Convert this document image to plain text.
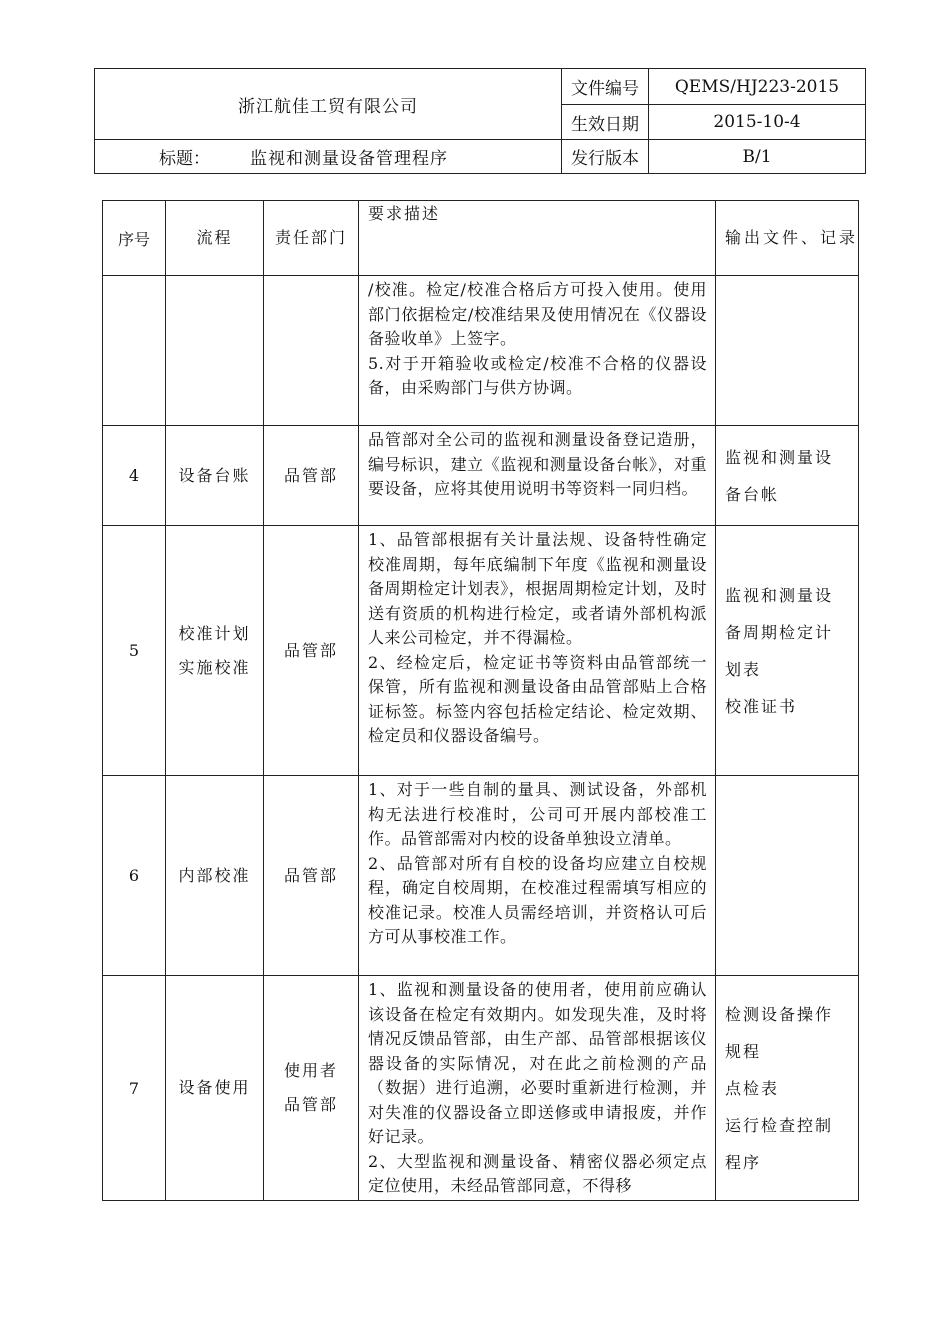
浙江航佳工贸有限公司	文件编号	QEMS/HJ223-2015
	生效日期	2015-10-4
标题： 监视和测量设备管理程序	发行版本	B/1
序号	流程	责任部门	要求描述	输出文件、记录

			/校准。检定/校准合格后方可投入使用。使用部门依据检定/校准结果及使用情况在《仪器设备验收单》上签字。
5.对于开箱验收或检定/校准不合格的仪器设备，由采购部门与供方协调。	

4	设备台账	品管部	品管部对全公司的监视和测量设备登记造册，编号标识，建立《监视和测量设备台帐》，对重要设备，应将其使用说明书等资料一同归档。	监视和测量设备台帐

5	校准计划
实施校准	品管部	1、品管部根据有关计量法规、设备特性确定校准周期，每年底编制下年度《监视和测量设备周期检定计划表》，根据周期检定计划，及时送有资质的机构进行检定，或者请外部机构派人来公司检定，并不得漏检。
2、经检定后，检定证书等资料由品管部统一保管，所有监视和测量设备由品管部贴上合格证标签。标签内容包括检定结论、检定效期、检定员和仪器设备编号。	监视和测量设备周期检定计划表
校准证书

6	内部校准	品管部	1、对于一些自制的量具、测试设备，外部机构无法进行校准时，公司可开展内部校准工作。品管部需对内校的设备单独设立清单。
2、品管部对所有自校的设备均应建立自校规程，确定自校周期，在校准过程需填写相应的校准记录。校准人员需经培训，并资格认可后方可从事校准工作。	

7	设备使用	使用者
品管部	1、监视和测量设备的使用者，使用前应确认该设备在检定有效期内。如发现失准，及时将情况反馈品管部，由生产部、品管部根据该仪器设备的实际情况，对在此之前检测的产品（数据）进行追溯，必要时重新进行检测，并对失准的仪器设备立即送修或申请报废，并作好记录。
2、大型监视和测量设备、精密仪器必须定点定位使用，未经品管部同意，不得移	检测设备操作规程
点检表
运行检查控制程序
